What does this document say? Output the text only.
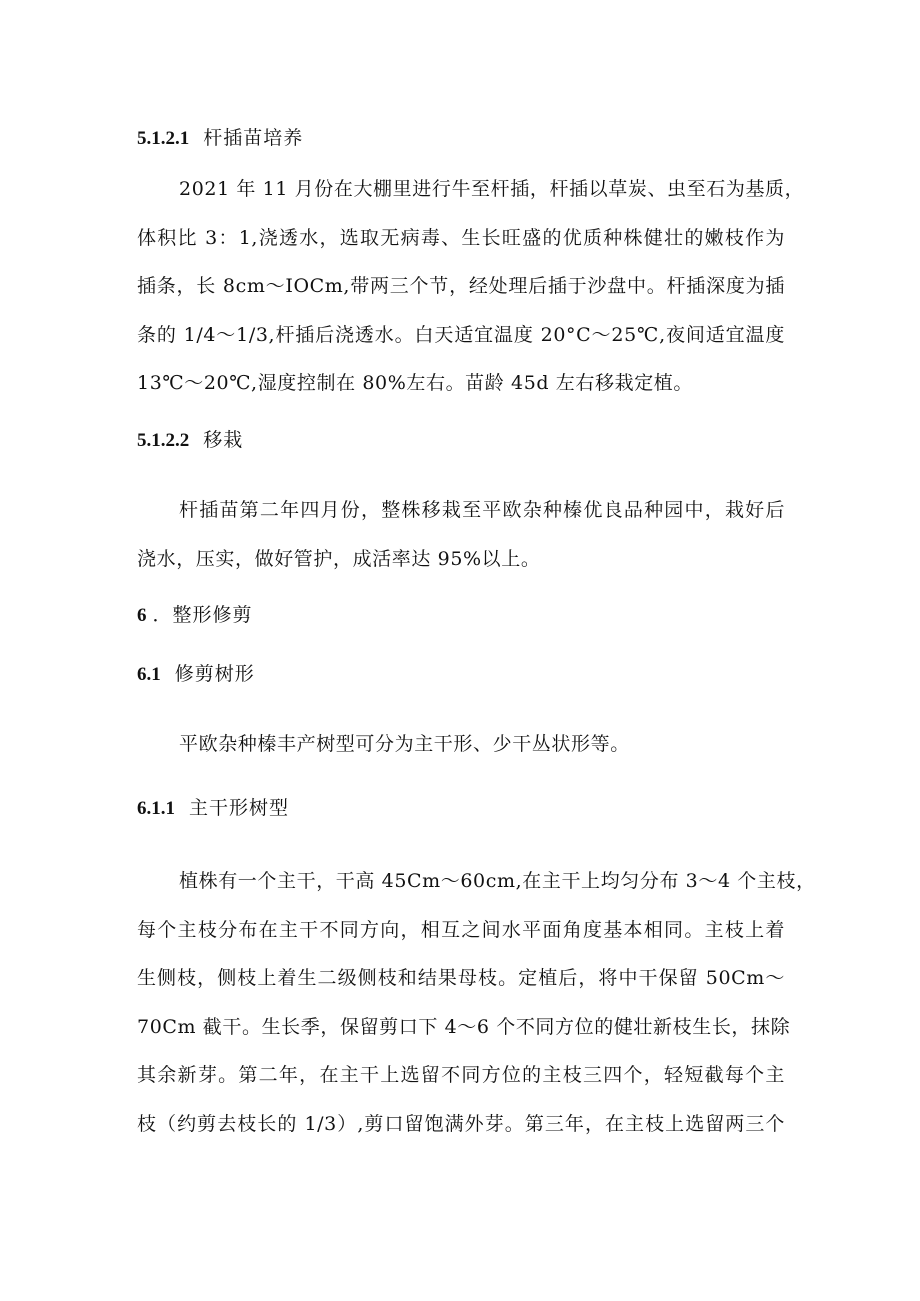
5.1.2.1 杆插苗培养
2021 年 11 月份在大棚里进行牛至杆插，杆插以草炭、虫至石为基质，
体积比 3：1,浇透水，选取无病毒、生长旺盛的优质种株健壮的嫩枝作为
插条，长 8cm～IOCm,带两三个节，经处理后插于沙盘中。杆插深度为插
条的 1/4～1/3,杆插后浇透水。白天适宜温度 20°C～25℃,夜间适宜温度
13℃～20℃,湿度控制在 80%左右。苗龄 45d 左右移栽定植。
5.1.2.2 移栽
杆插苗第二年四月份，整株移栽至平欧杂种榛优良品种园中，栽好后
浇水，压实，做好管护，成活率达 95%以上。
6 ．整形修剪
6.1 修剪树形
平欧杂种榛丰产树型可分为主干形、少干丛状形等。
6.1.1 主干形树型
植株有一个主干，干高 45Cm～60cm,在主干上均匀分布 3～4 个主枝，
每个主枝分布在主干不同方向，相互之间水平面角度基本相同。主枝上着
生侧枝，侧枝上着生二级侧枝和结果母枝。定植后，将中干保留 50Cm～
70Cm 截干。生长季，保留剪口下 4～6 个不同方位的健壮新枝生长，抹除
其余新芽。第二年，在主干上选留不同方位的主枝三四个，轻短截每个主
枝（约剪去枝长的 1/3）,剪口留饱满外芽。第三年，在主枝上选留两三个
